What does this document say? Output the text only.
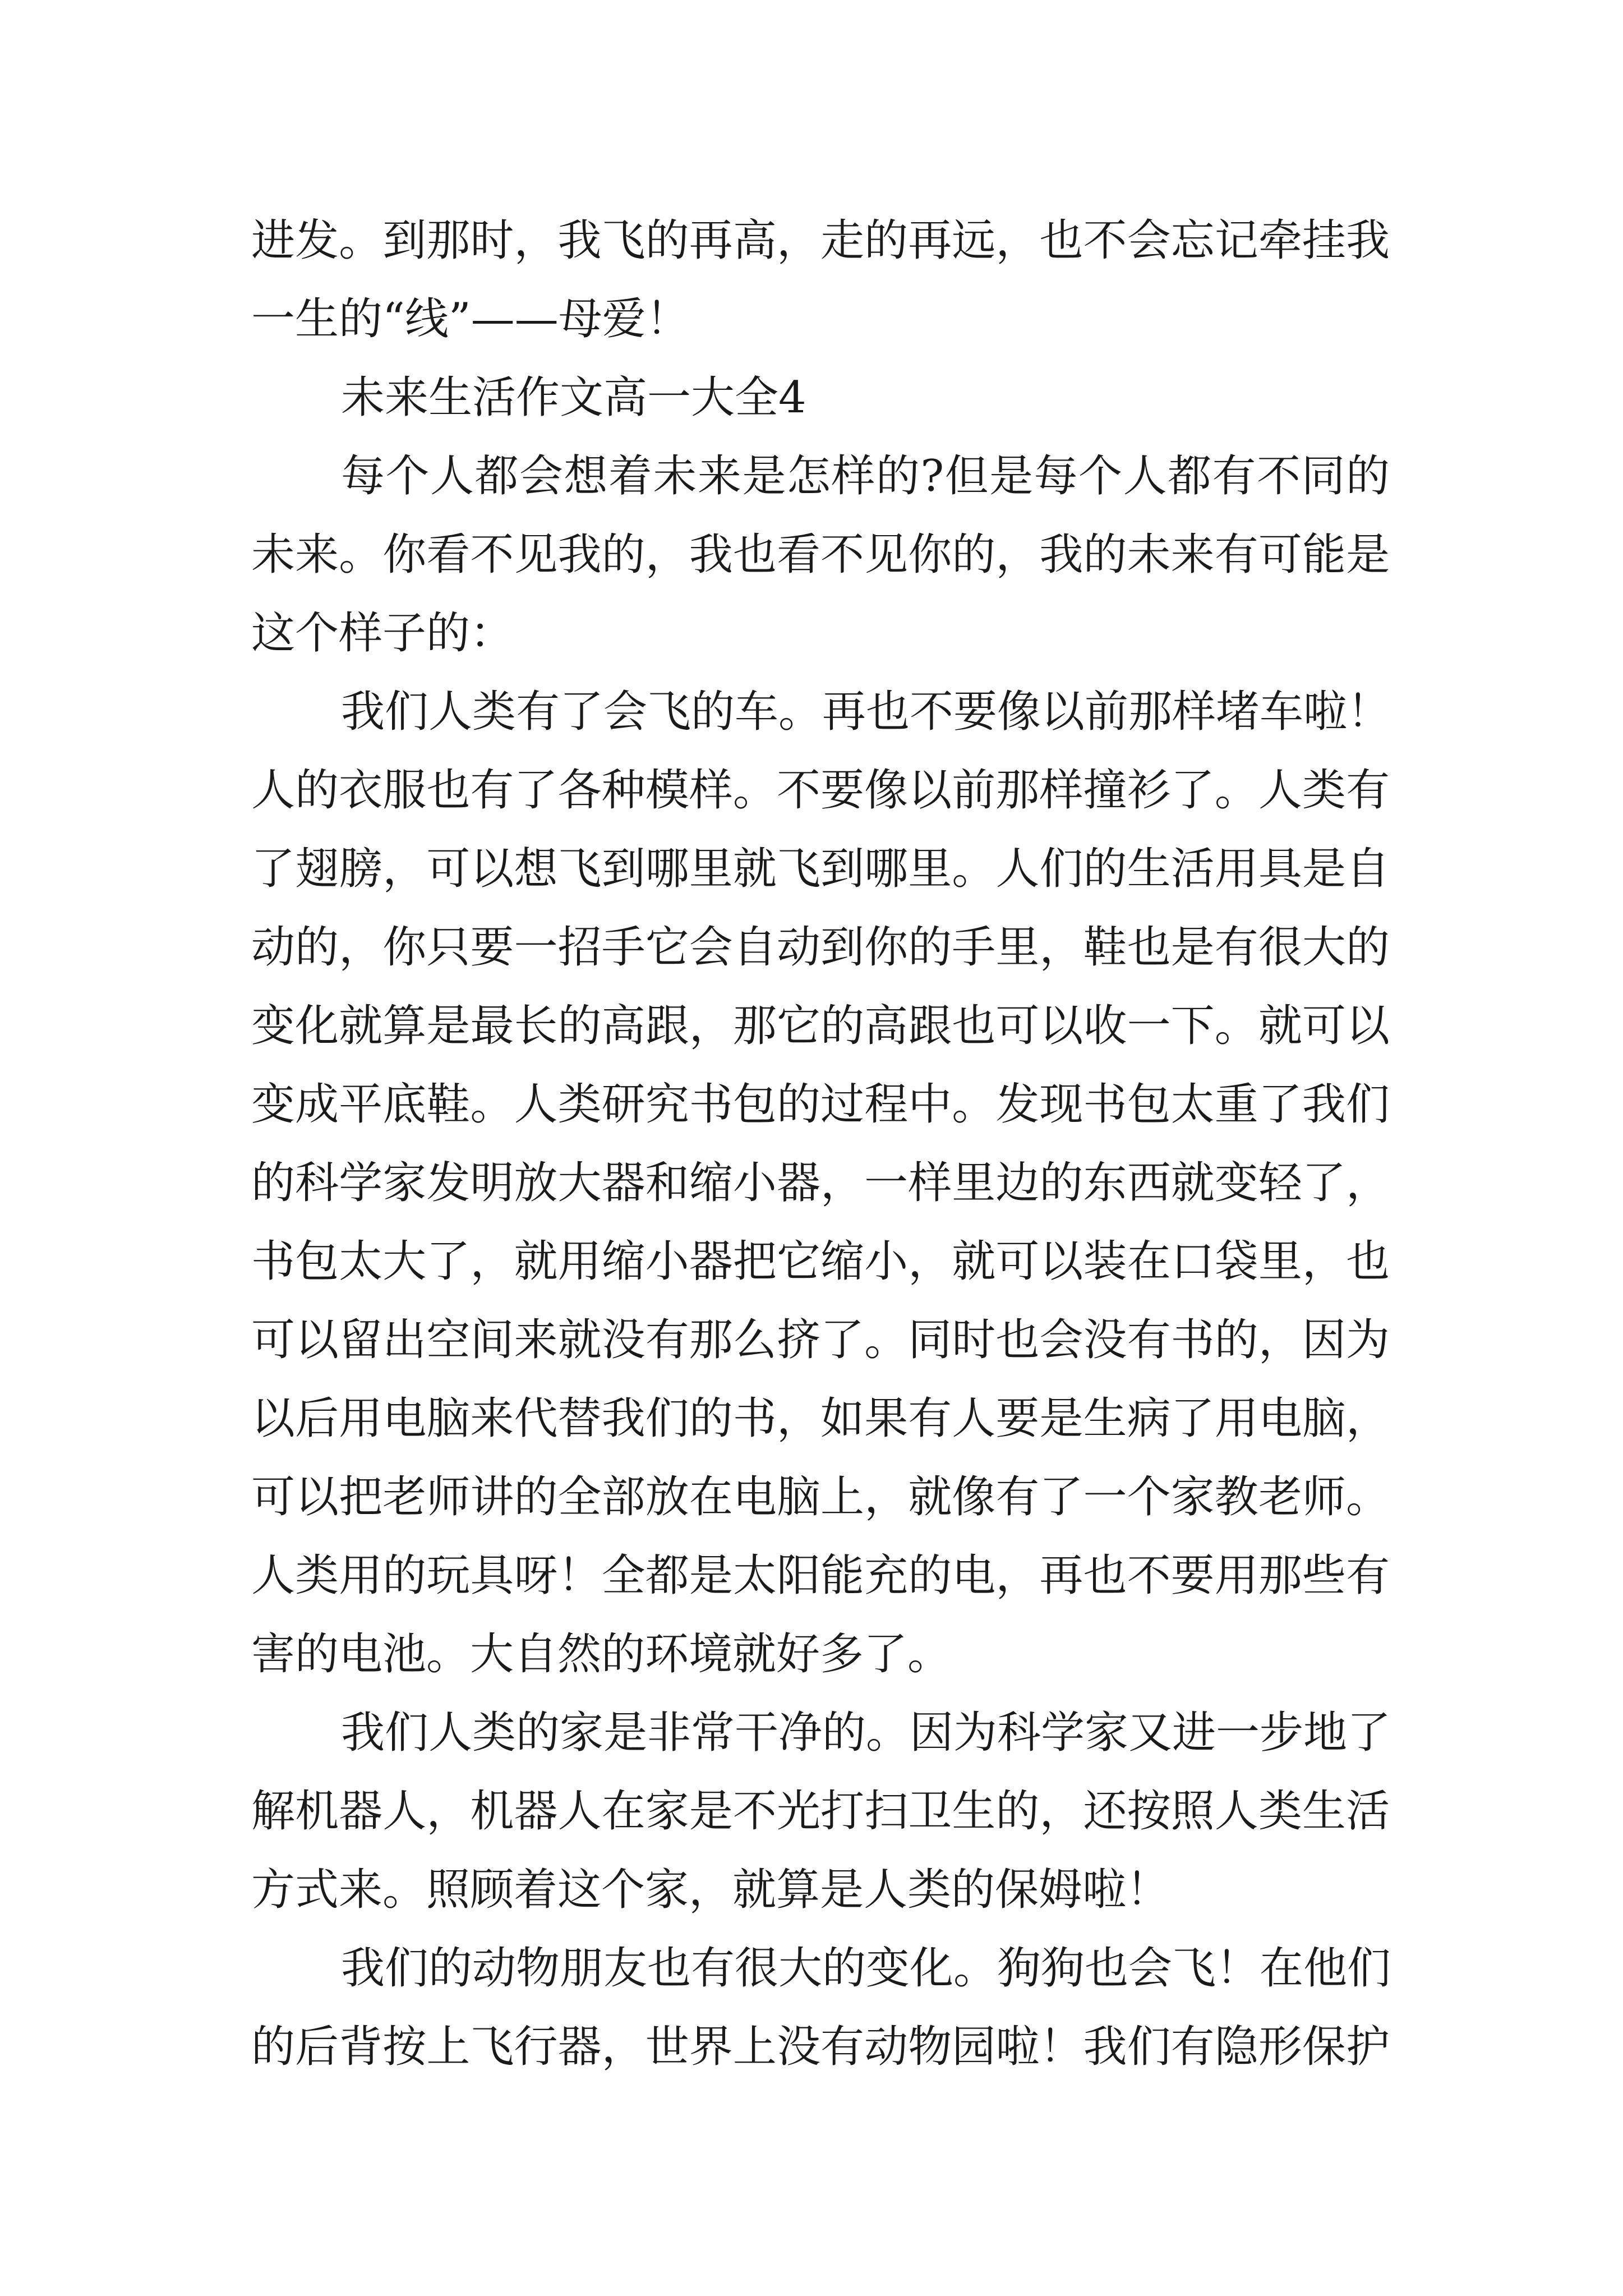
进发。到那时，我飞的再高，走的再远，也不会忘记牵挂我
一生的“线”——母爱！
未来生活作文高一大全4
每个人都会想着未来是怎样的?但是每个人都有不同的
未来。你看不见我的，我也看不见你的，我的未来有可能是
这个样子的：
我们人类有了会飞的车。再也不要像以前那样堵车啦！
人的衣服也有了各种模样。不要像以前那样撞衫了。人类有
了翅膀，可以想飞到哪里就飞到哪里。人们的生活用具是自
动的，你只要一招手它会自动到你的手里，鞋也是有很大的
变化就算是最长的高跟，那它的高跟也可以收一下。就可以
变成平底鞋。人类研究书包的过程中。发现书包太重了我们
的科学家发明放大器和缩小器，一样里边的东西就变轻了，
书包太大了，就用缩小器把它缩小，就可以装在口袋里，也
可以留出空间来就没有那么挤了。同时也会没有书的，因为
以后用电脑来代替我们的书，如果有人要是生病了用电脑，
可以把老师讲的全部放在电脑上，就像有了一个家教老师。
人类用的玩具呀！全都是太阳能充的电，再也不要用那些有
害的电池。大自然的环境就好多了。
我们人类的家是非常干净的。因为科学家又进一步地了
解机器人，机器人在家是不光打扫卫生的，还按照人类生活
方式来。照顾着这个家，就算是人类的保姆啦！
我们的动物朋友也有很大的变化。狗狗也会飞！在他们
的后背按上飞行器，世界上没有动物园啦！我们有隐形保护
